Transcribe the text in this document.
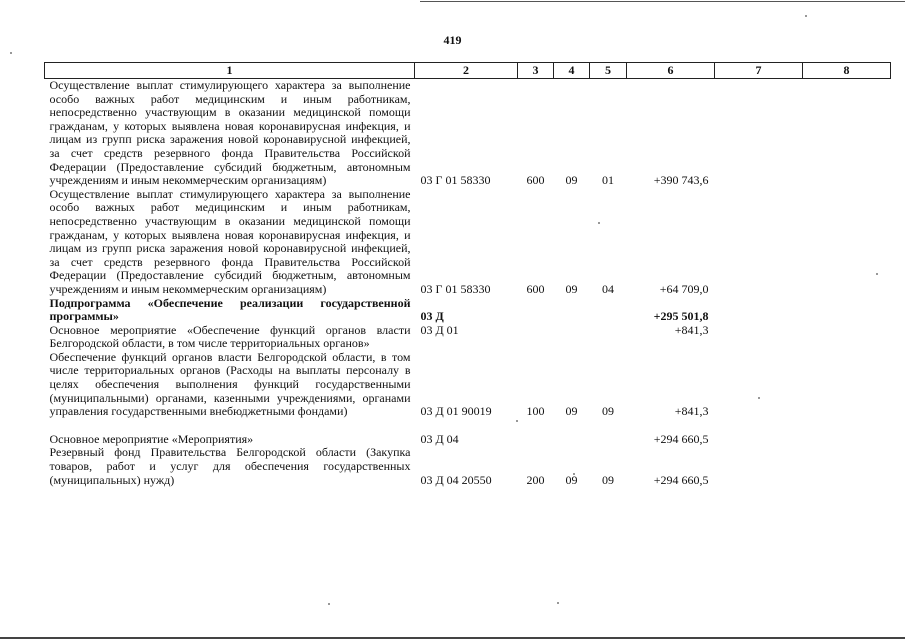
419
1	2	3	4	5	6	7	8
Осуществление выплат стимулирующего характера за выполнение особо важных работ медицинским и иным работникам, непосредственно участвующим в оказании медицинской помощи гражданам, у которых выявлена новая коронавирусная инфекция, и лицам из групп риска заражения новой коронавирусной инфекцией, за счет средств резервного фонда Правительства Российской Федерации (Предоставление субсидий бюджетным, автономным учреждениям и иным некоммерческим организациям)	03 Г 01 58330	600	09	01	+390 743,6		
Осуществление выплат стимулирующего характера за выполнение особо важных работ медицинским и иным работникам, непосредственно участвующим в оказании медицинской помощи гражданам, у которых выявлена новая коронавирусная инфекция, и лицам из групп риска заражения новой коронавирусной инфекцией, за счет средств резервного фонда Правительства Российской Федерации (Предоставление субсидий бюджетным, автономным учреждениям и иным некоммерческим организациям)	03 Г 01 58330	600	09	04	+64 709,0		
Подпрограмма «Обеспечение реализации государственной программы»	03 Д				+295 501,8		
Основное мероприятие «Обеспечение функций органов власти Белгородской области, в том числе территориальных органов»	03 Д 01				+841,3		
Обеспечение функций органов власти Белгородской области, в том числе территориальных органов (Расходы на выплаты персоналу в целях обеспечения выполнения функций государственными (муниципальными) органами, казенными учреждениями, органами управления государственными внебюджетными фондами)	03 Д 01 90019	100	09	09	+841,3		

Основное мероприятие «Мероприятия»	03 Д 04				+294 660,5		
Резервный фонд Правительства Белгородской области (Закупка товаров, работ и услуг для обеспечения государственных (муниципальных) нужд)	03 Д 04 20550	200	09	09	+294 660,5		
